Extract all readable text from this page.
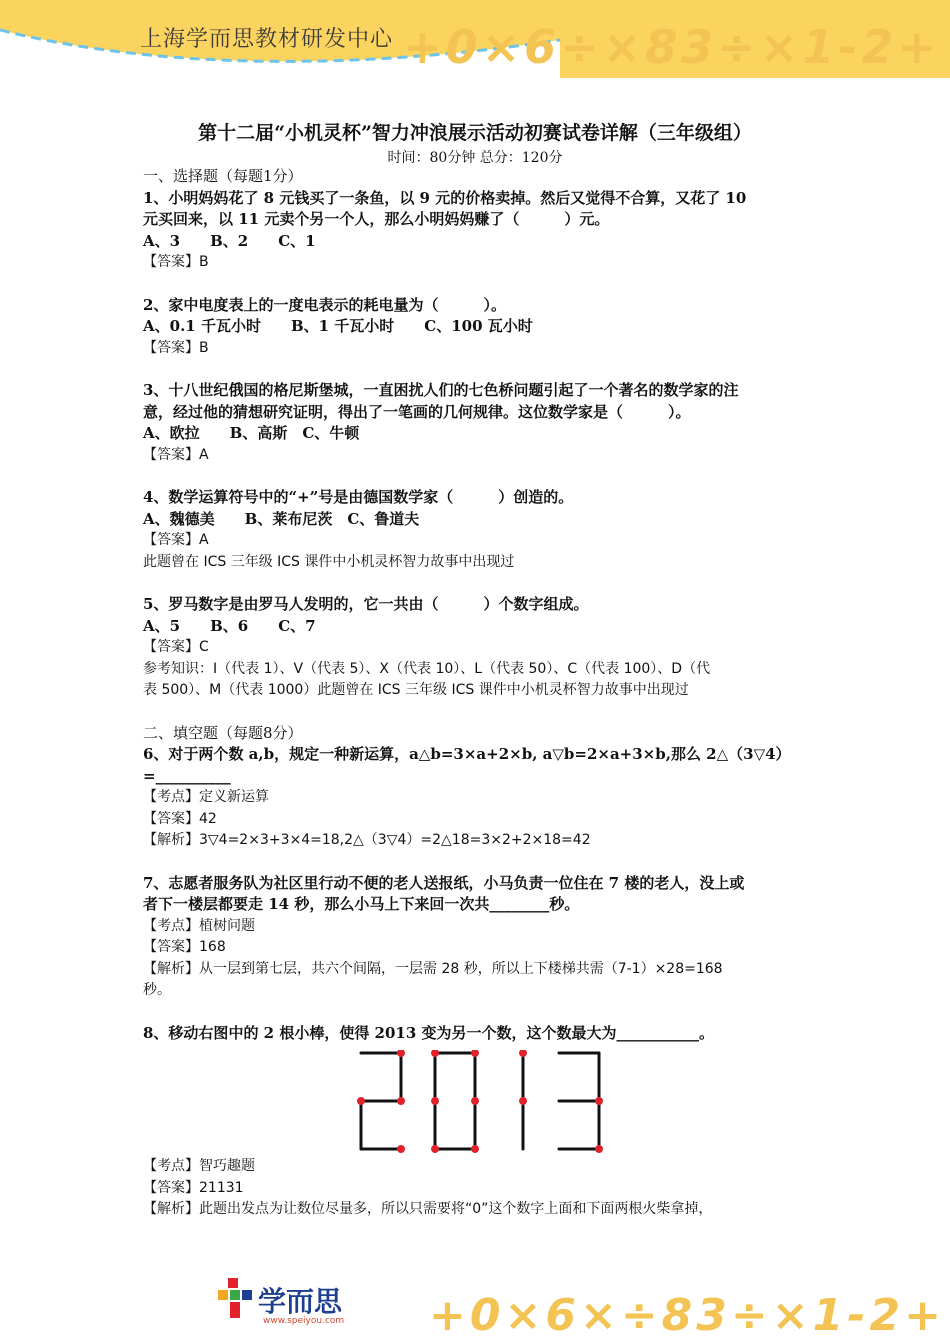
上海学而思教材研发中心 +0×6÷×83÷×1-2+
第十二届“小机灵杯”智力冲浪展示活动初赛试卷详解（三年级组）
时间：80分钟 总分：120分

一、选择题（每题1分）

1、小明妈妈花了 8 元钱买了一条鱼，以 9 元的价格卖掉。然后又觉得不合算，又花了 10

元买回来，以 11 元卖个另一个人，那么小明妈妈赚了（　　　）元。

A、3　　B、2　　C、1

【答案】B

2、家中电度表上的一度电表示的耗电量为（　　　）。

A、0.1 千瓦小时　　B、1 千瓦小时　　C、100 瓦小时

【答案】B

3、十八世纪俄国的格尼斯堡城，一直困扰人们的七色桥问题引起了一个著名的数学家的注

意，经过他的猜想研究证明，得出了一笔画的几何规律。这位数学家是（　　　）。

A、欧拉　　B、高斯　C、牛顿

【答案】A

4、数学运算符号中的“+”号是由德国数学家（　　　）创造的。

A、魏德美　　B、莱布尼茨　C、鲁道夫

【答案】A

此题曾在 ICS 三年级 ICS 课件中小机灵杯智力故事中出现过

5、罗马数字是由罗马人发明的，它一共由（　　　）个数字组成。

A、5　　B、6　　C、7

【答案】C

参考知识：Ⅰ（代表 1）、Ⅴ（代表 5）、Ⅹ（代表 10）、L（代表 50）、C（代表 100）、D（代

表 500）、M（代表 1000）此题曾在 ICS 三年级 ICS 课件中小机灵杯智力故事中出现过

二、填空题（每题8分）

6、对于两个数 a,b，规定一种新运算，a△b=3×a+2×b, a▽b=2×a+3×b,那么 2△（3▽4）

=__________

【考点】定义新运算

【答案】42

【解析】3▽4=2×3+3×4=18,2△（3▽4）=2△18=3×2+2×18=42

7、志愿者服务队为社区里行动不便的老人送报纸，小马负责一位住在 7 楼的老人，没上或

者下一楼层都要走 14 秒，那么小马上下来回一次共________秒。

【考点】植树问题

【答案】168

【解析】从一层到第七层，共六个间隔，一层需 28 秒，所以上下楼梯共需（7-1）×28=168

秒。

8、移动右图中的 2 根小棒，使得 2013 变为另一个数，这个数最大为___________。

【考点】智巧趣题

【答案】21131

【解析】此题出发点为让数位尽量多，所以只需要将“0”这个数字上面和下面两根火柴拿掉，

+0×6×÷83÷×1-2+
学而思
www.speiyou.com
